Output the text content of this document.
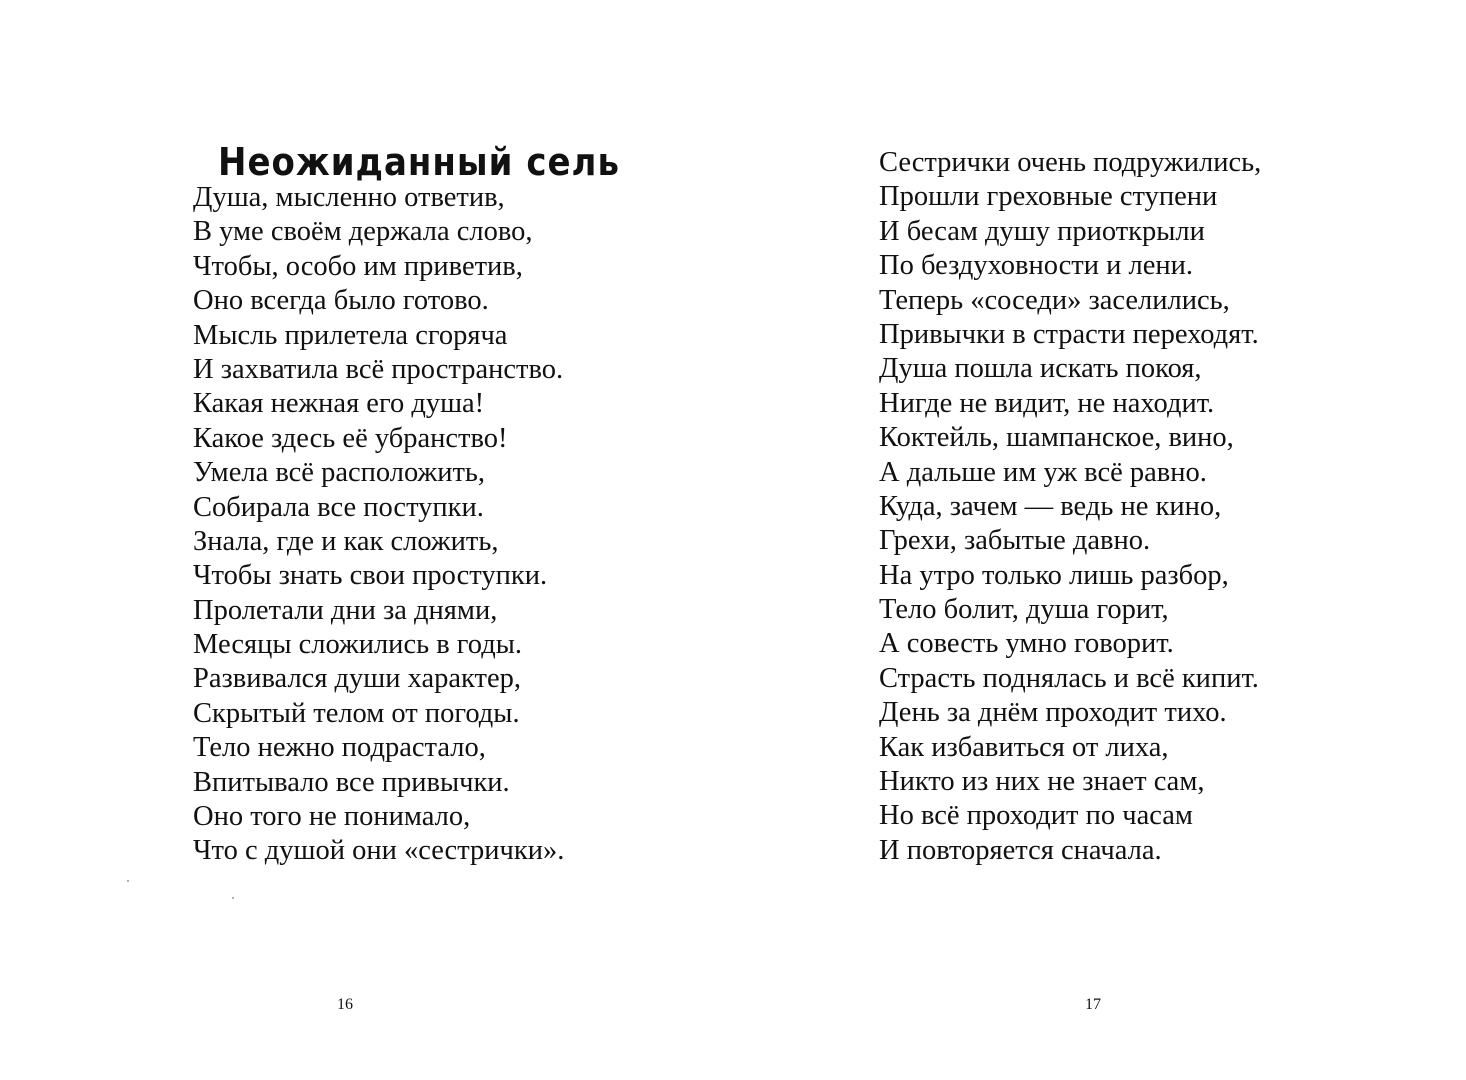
Неожиданный сель
Душа, мысленно ответив,
В уме своём держала слово,
Чтобы, особо им приветив,
Оно всегда было готово.
Мысль прилетела сгоряча
И захватила всё пространство.
Какая нежная его душа!
Какое здесь её убранство!
Умела всё расположить,
Собирала все поступки.
Знала, где и как сложить,
Чтобы знать свои проступки.
Пролетали дни за днями,
Месяцы сложились в годы.
Развивался души характер,
Скрытый телом от погоды.
Тело нежно подрастало,
Впитывало все привычки.
Оно того не понимало,
Что с душой они «сестрички».
16
Сестрички очень подружились,
Прошли греховные ступени
И бесам душу приоткрыли
По бездуховности и лени.
Теперь «соседи» заселились,
Привычки в страсти переходят.
Душа пошла искать покоя,
Нигде не видит, не находит.
Коктейль, шампанское, вино,
А дальше им уж всё равно.
Куда, зачем — ведь не кино,
Грехи, забытые давно.
На утро только лишь разбор,
Тело болит, душа горит,
А совесть умно говорит.
Страсть поднялась и всё кипит.
День за днём проходит тихо.
Как избавиться от лиха,
Никто из них не знает сам,
Но всё проходит по часам
И повторяется сначала.
17
